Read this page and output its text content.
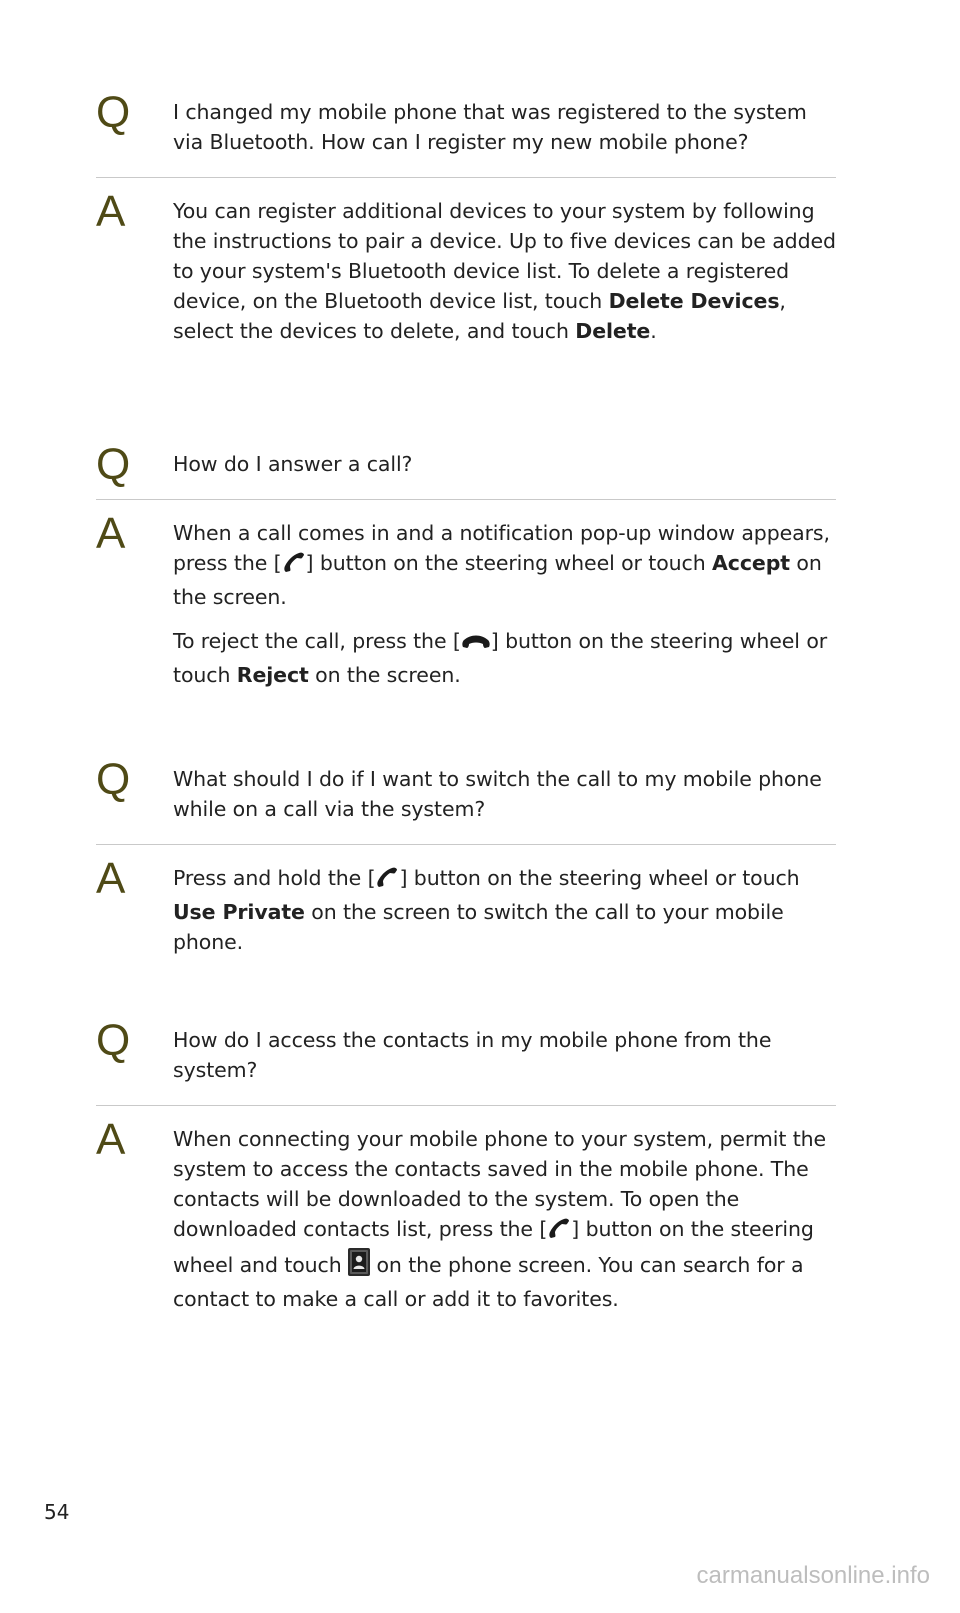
Q I changed my mobile phone that was registered to the system via Bluetooth. How can I register my new mobile phone?

A You can register additional devices to your system by following the instructions to pair a device. Up to five devices can be added to your system's Bluetooth device list. To delete a registered device, on the Bluetooth device list, touch Delete Devices, select the devices to delete, and touch Delete.

Q How do I answer a call?

A When a call comes in and a notification pop-up window appears, press the [ ] button on the steering wheel or touch Accept on the screen.

To reject the call, press the [ ] button on the steering wheel or touch Reject on the screen.

Q What should I do if I want to switch the call to my mobile phone while on a call via the system?

A Press and hold the [ ] button on the steering wheel or touch Use Private on the screen to switch the call to your mobile phone.

Q How do I access the contacts in my mobile phone from the system?

A When connecting your mobile phone to your system, permit the system to access the contacts saved in the mobile phone. The contacts will be downloaded to the system. To open the downloaded contacts list, press the [ ] button on the steering wheel and touch  on the phone screen. You can search for a contact to make a call or add it to favorites.

54
carmanualsonline.info
